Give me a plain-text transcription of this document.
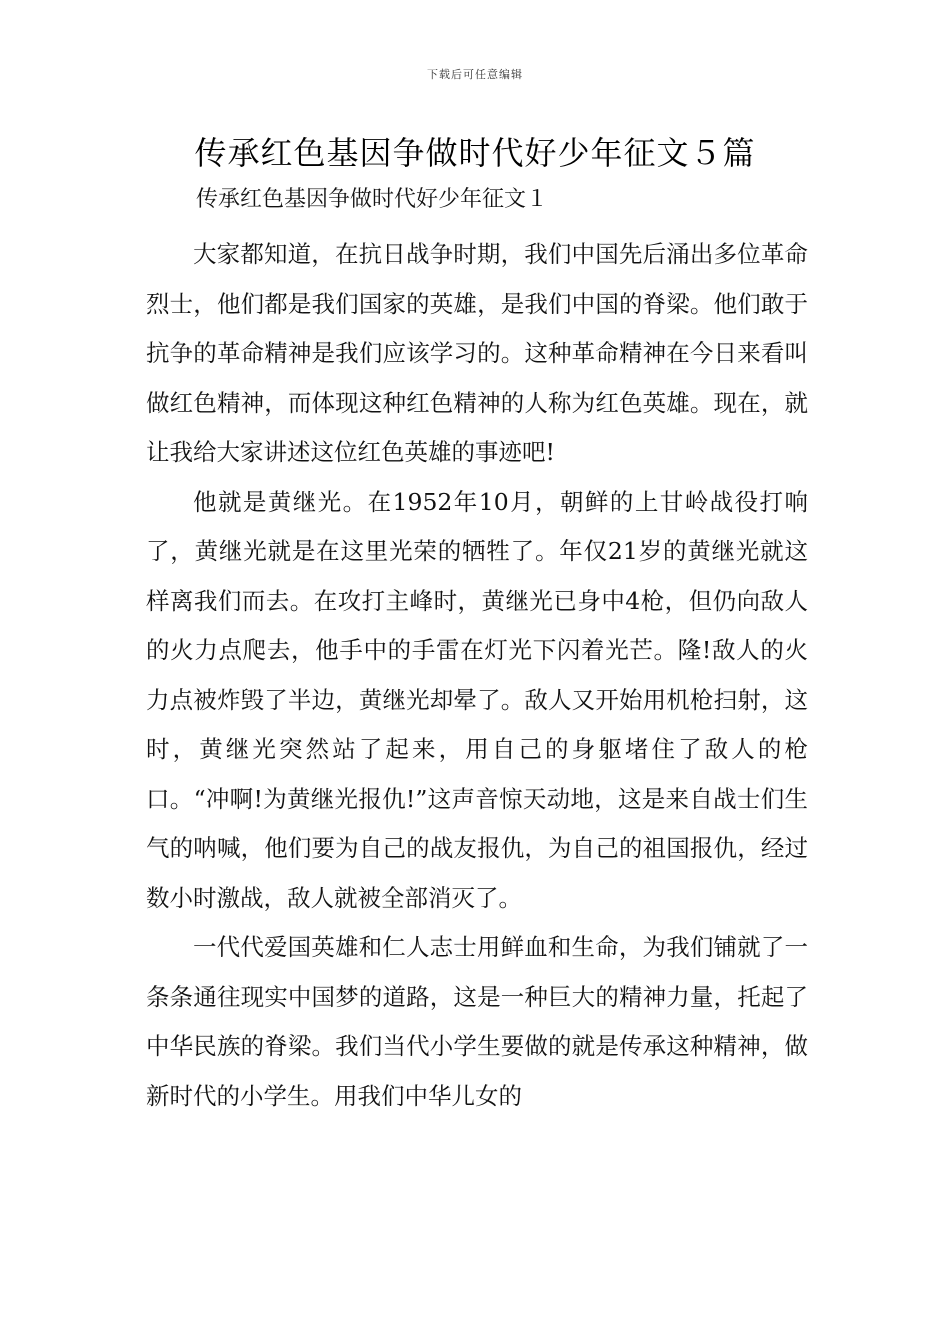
下载后可任意编辑
传承红色基因争做时代好少年征文５篇

传承红色基因争做时代好少年征文１

大家都知道，在抗日战争时期，我们中国先后涌出多位革命烈士，他们都是我们国家的英雄，是我们中国的脊梁。他们敢于抗争的革命精神是我们应该学习的。这种革命精神在今日来看叫做红色精神，而体现这种红色精神的人称为红色英雄。现在，就让我给大家讲述这位红色英雄的事迹吧!

他就是黄继光。在1952年10月，朝鲜的上甘岭战役打响了，黄继光就是在这里光荣的牺牲了。年仅21岁的黄继光就这样离我们而去。在攻打主峰时，黄继光已身中4枪，但仍向敌人的火力点爬去，他手中的手雷在灯光下闪着光芒。隆!敌人的火力点被炸毁了半边，黄继光却晕了。敌人又开始用机枪扫射，这时，黄继光突然站了起来，用自己的身躯堵住了敌人的枪口。“冲啊!为黄继光报仇!”这声音惊天动地，这是来自战士们生气的呐喊，他们要为自己的战友报仇，为自己的祖国报仇，经过数小时激战，敌人就被全部消灭了。

一代代爱国英雄和仁人志士用鲜血和生命，为我们铺就了一条条通往现实中国梦的道路，这是一种巨大的精神力量，托起了中华民族的脊梁。我们当代小学生要做的就是传承这种精神，做新时代的小学生。用我们中华儿女的
